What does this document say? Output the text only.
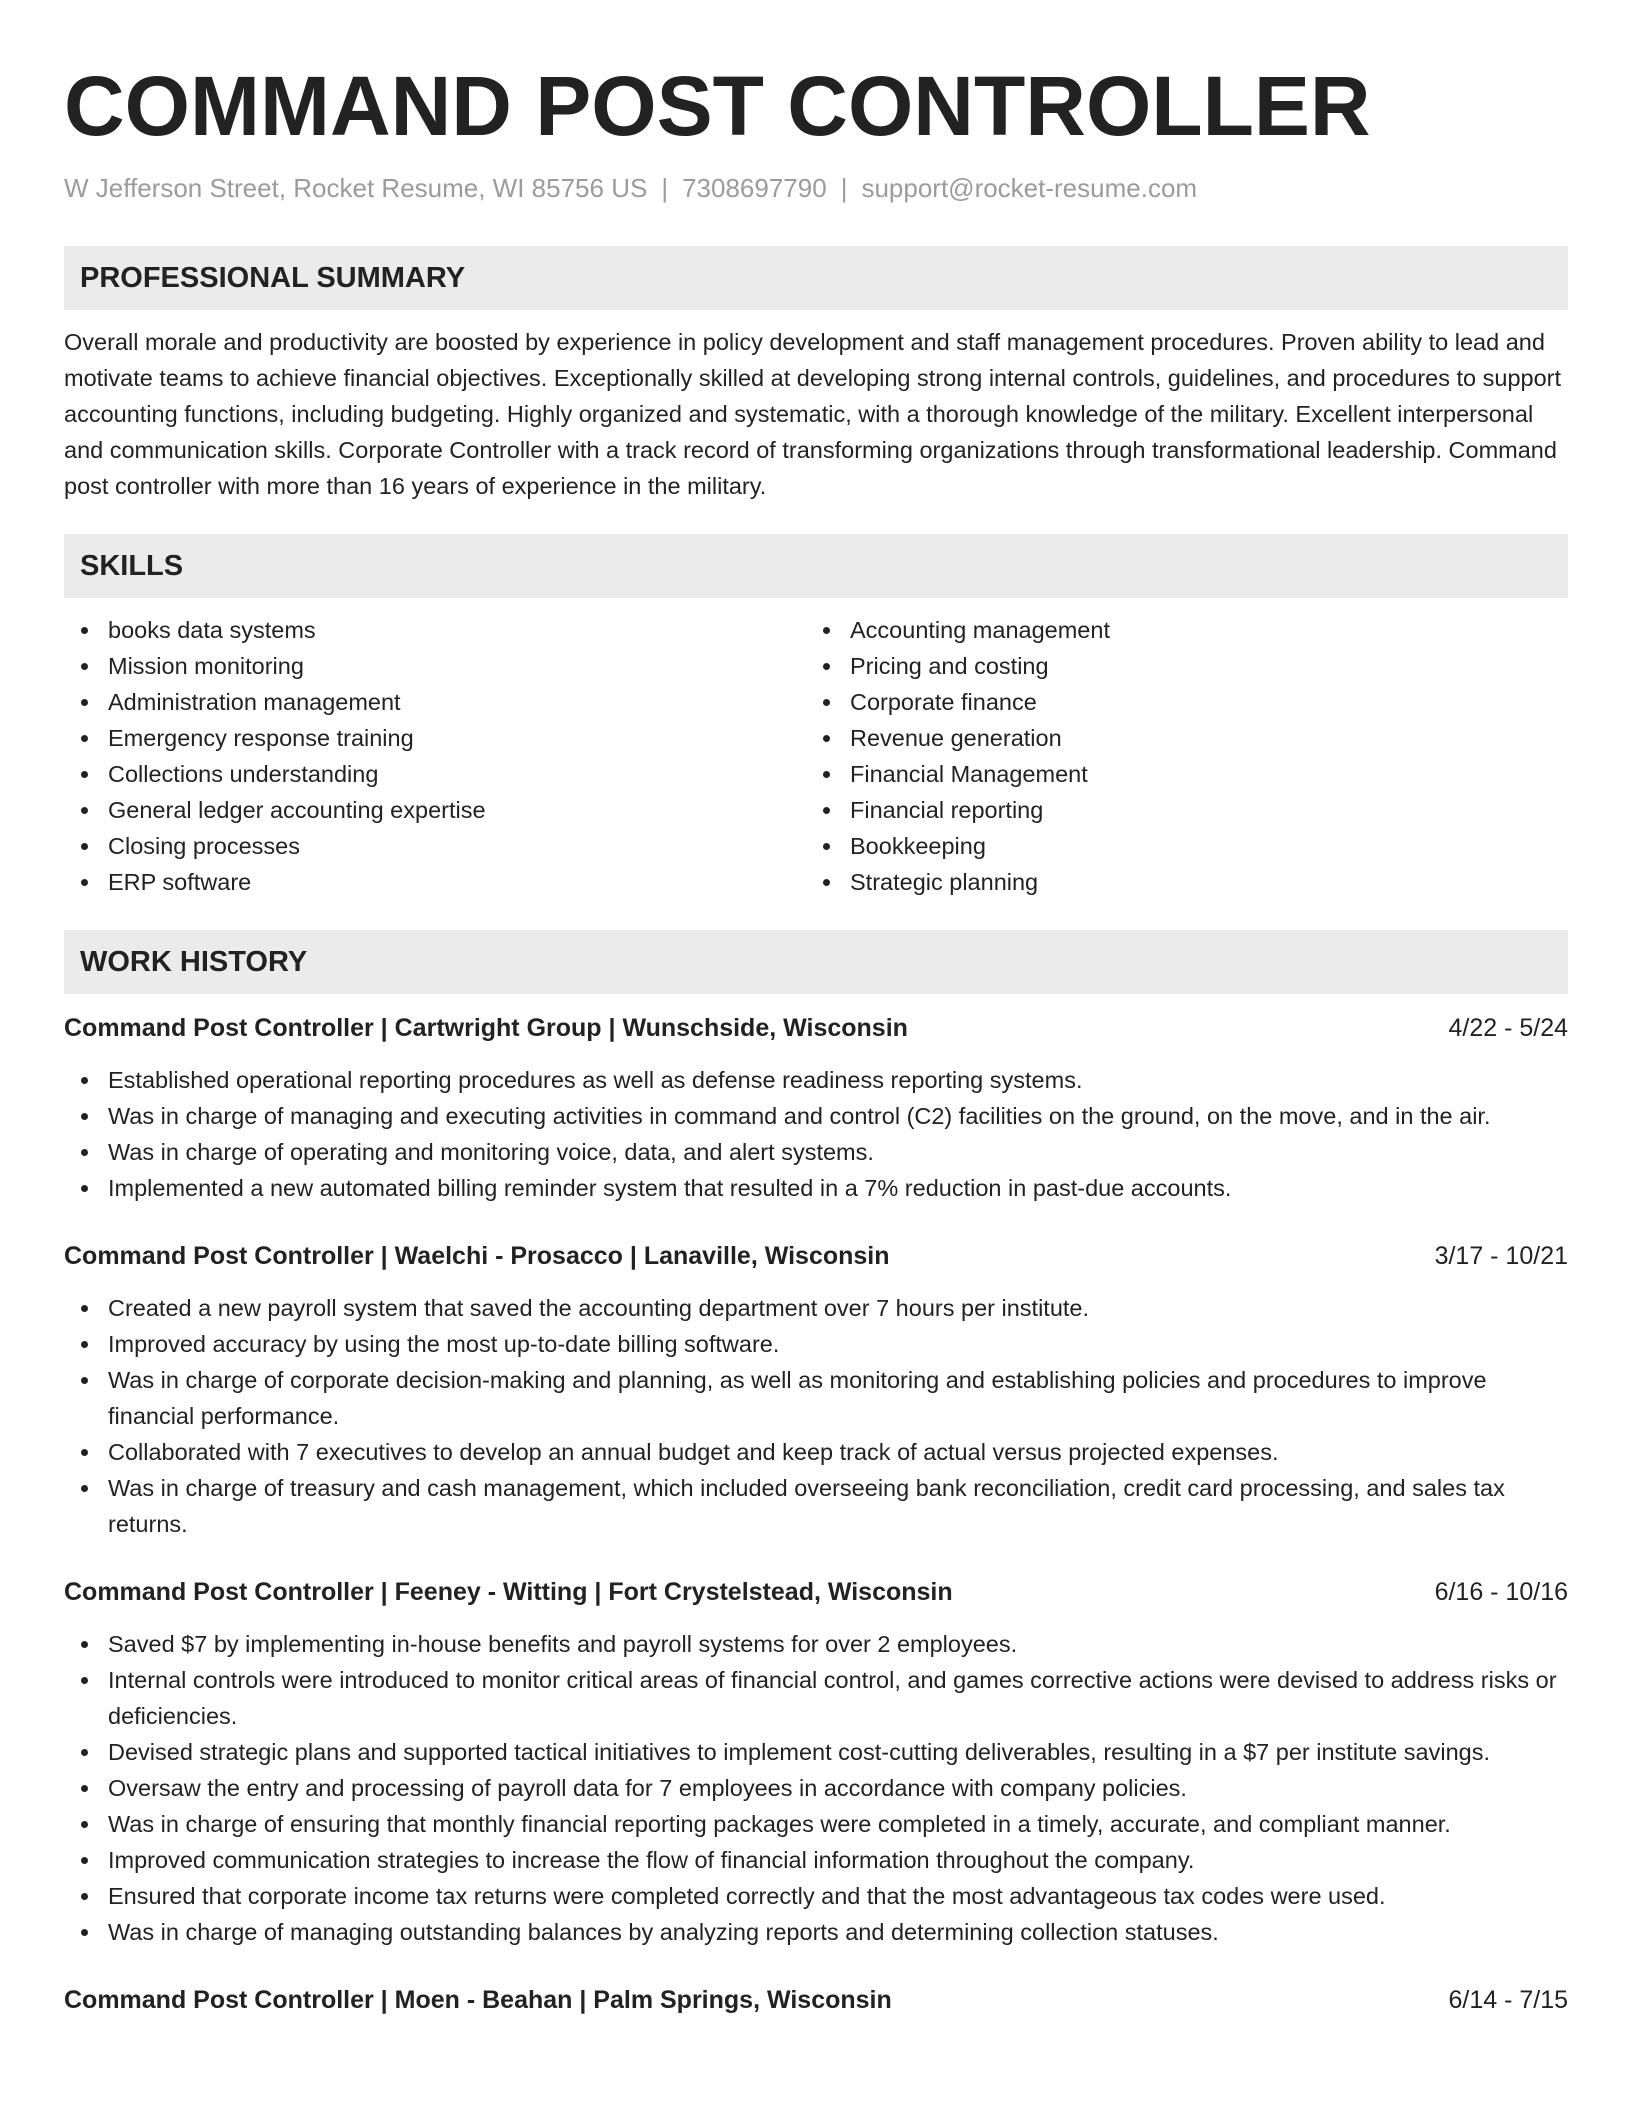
COMMAND POST CONTROLLER
W Jefferson Street, Rocket Resume, WI 85756 US | 7308697790 | support@rocket-resume.com
PROFESSIONAL SUMMARY
Overall morale and productivity are boosted by experience in policy development and staff management procedures. Proven ability to lead and motivate teams to achieve financial objectives. Exceptionally skilled at developing strong internal controls, guidelines, and procedures to support accounting functions, including budgeting. Highly organized and systematic, with a thorough knowledge of the military. Excellent interpersonal and communication skills. Corporate Controller with a track record of transforming organizations through transformational leadership. Command post controller with more than 16 years of experience in the military.
SKILLS
books data systems
Mission monitoring
Administration management
Emergency response training
Collections understanding
General ledger accounting expertise
Closing processes
ERP software
Accounting management
Pricing and costing
Corporate finance
Revenue generation
Financial Management
Financial reporting
Bookkeeping
Strategic planning
WORK HISTORY
Command Post Controller | Cartwright Group | Wunschside, Wisconsin	4/22 - 5/24
Established operational reporting procedures as well as defense readiness reporting systems.
Was in charge of managing and executing activities in command and control (C2) facilities on the ground, on the move, and in the air.
Was in charge of operating and monitoring voice, data, and alert systems.
Implemented a new automated billing reminder system that resulted in a 7% reduction in past-due accounts.
Command Post Controller | Waelchi - Prosacco | Lanaville, Wisconsin	3/17 - 10/21
Created a new payroll system that saved the accounting department over 7 hours per institute.
Improved accuracy by using the most up-to-date billing software.
Was in charge of corporate decision-making and planning, as well as monitoring and establishing policies and procedures to improve financial performance.
Collaborated with 7 executives to develop an annual budget and keep track of actual versus projected expenses.
Was in charge of treasury and cash management, which included overseeing bank reconciliation, credit card processing, and sales tax returns.
Command Post Controller | Feeney - Witting | Fort Crystelstead, Wisconsin	6/16 - 10/16
Saved $7 by implementing in-house benefits and payroll systems for over 2 employees.
Internal controls were introduced to monitor critical areas of financial control, and games corrective actions were devised to address risks or deficiencies.
Devised strategic plans and supported tactical initiatives to implement cost-cutting deliverables, resulting in a $7 per institute savings.
Oversaw the entry and processing of payroll data for 7 employees in accordance with company policies.
Was in charge of ensuring that monthly financial reporting packages were completed in a timely, accurate, and compliant manner.
Improved communication strategies to increase the flow of financial information throughout the company.
Ensured that corporate income tax returns were completed correctly and that the most advantageous tax codes were used.
Was in charge of managing outstanding balances by analyzing reports and determining collection statuses.
Command Post Controller | Moen - Beahan | Palm Springs, Wisconsin	6/14 - 7/15
